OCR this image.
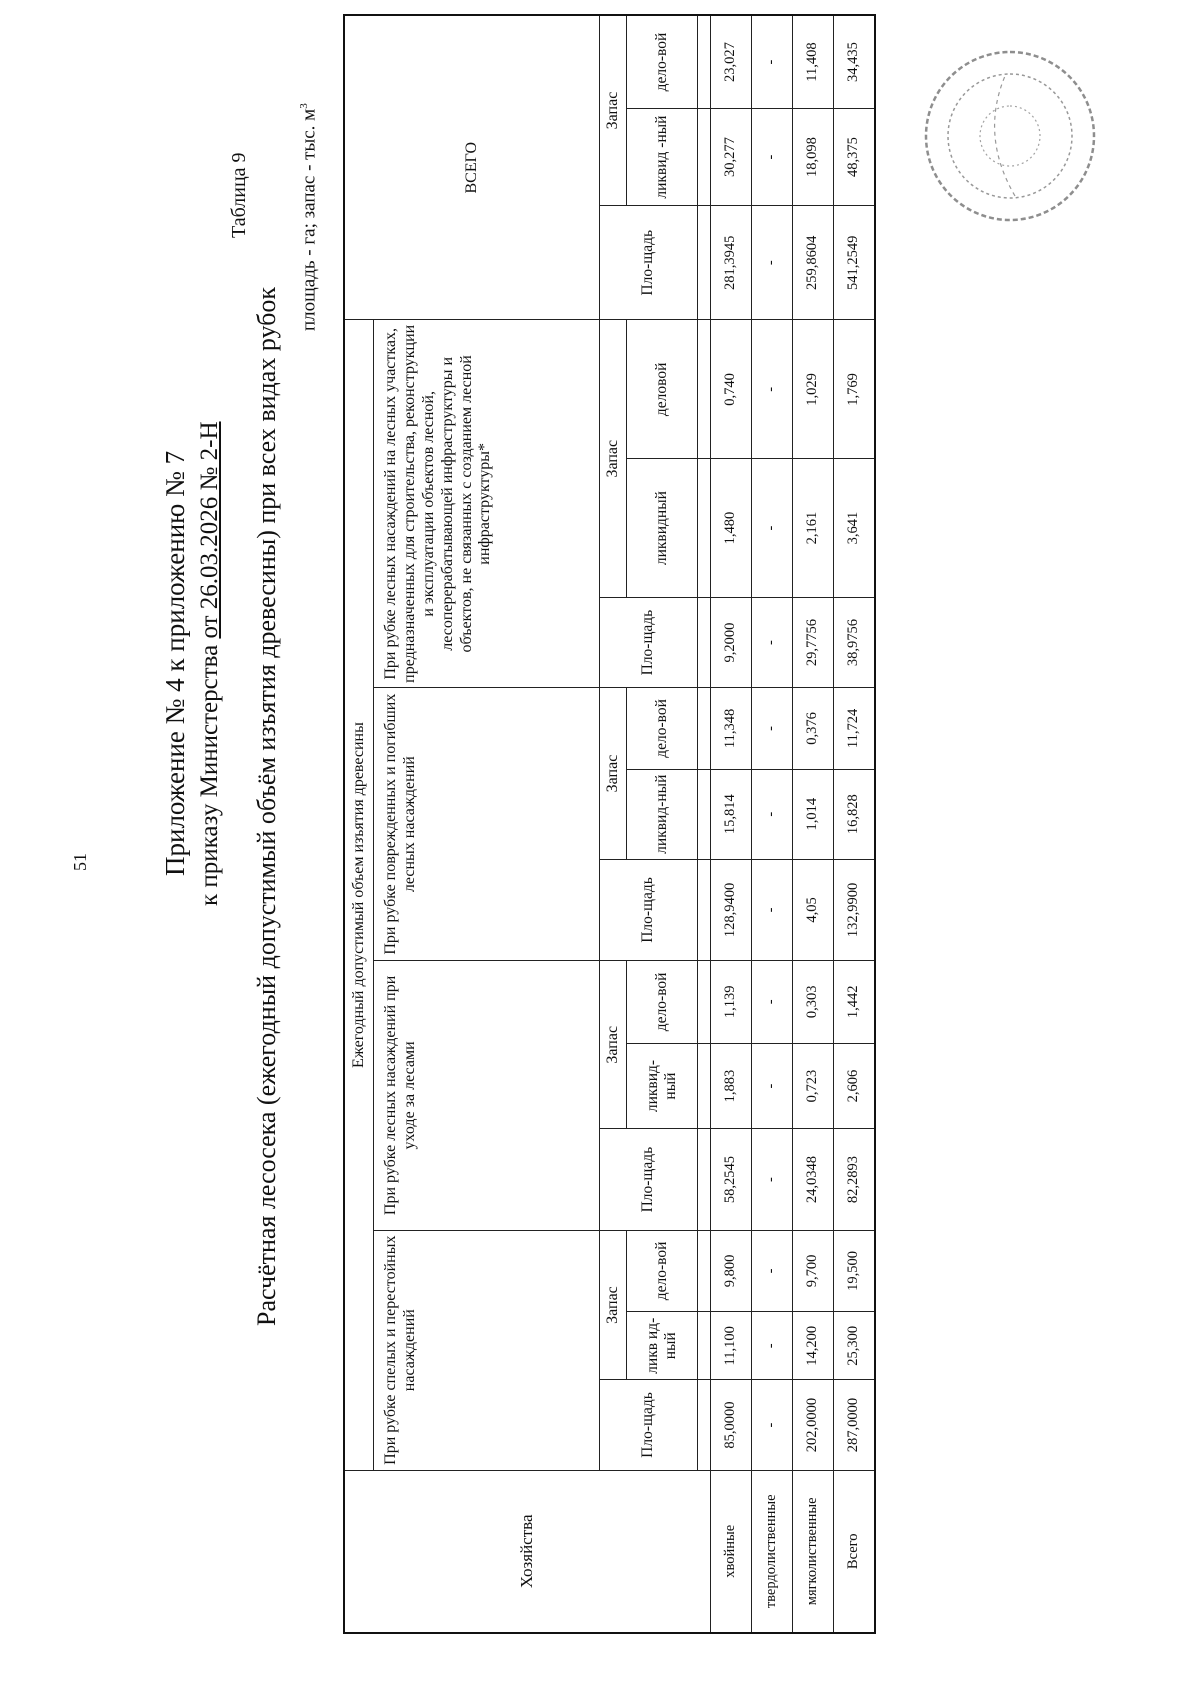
51	Приложение № 4 к приложению № 7 к приказу Министерства от 26.03.2026 № 2-Н
Таблица 9
Расчётная лесосека (ежегодный допустимый объём изъятия древесины) при всех видах рубок
площадь - га; запас - тыс. $м^3$
Хозяйства	Ежегодный допустимый объем изъятия древесины												ВСЕГО		
	При рубке спелых и перестойных насаждений			При рубке лесных насаждений при уходе за лесами			При рубке поврежденных и погибших лесных насаждений			При рубке лесных насаждений на лесных участках, предназначенных для строительства, реконструкции и эксплуатации объектов лесной, лесоперерабатывающей инфраструктуры и объектов, не связанных с созданием лесной инфраструктуры*					
	Пло-щадь	Запас		Пло-щадь	Запас		Пло-щадь	Запас		Пло-щадь	Запас		Пло-щадь	Запас	
		ликв ид-ный	дело-вой		ликвид-ный	дело-вой		ликвид-ный	дело-вой		ликвидный	деловой		ликвид -ный	дело-вой

хвойные	85,0000	11,100	9,800	58,2545	1,883	1,139	128,9400	15,814	11,348	9,2000	1,480	0,740	281,3945	30,277	23,027
твердолиственные	-	-	-	-	-	-	-	-	-	-	-	-	-	-	-
мягколиственные	202,0000	14,200	9,700	24,0348	0,723	0,303	4,05	1,014	0,376	29,7756	2,161	1,029	259,8604	18,098	11,408
Всего	287,0000	25,300	19,500	82,2893	2,606	1,442	132,9900	16,828	11,724	38,9756	3,641	1,769	541,2549	48,375	34,435
